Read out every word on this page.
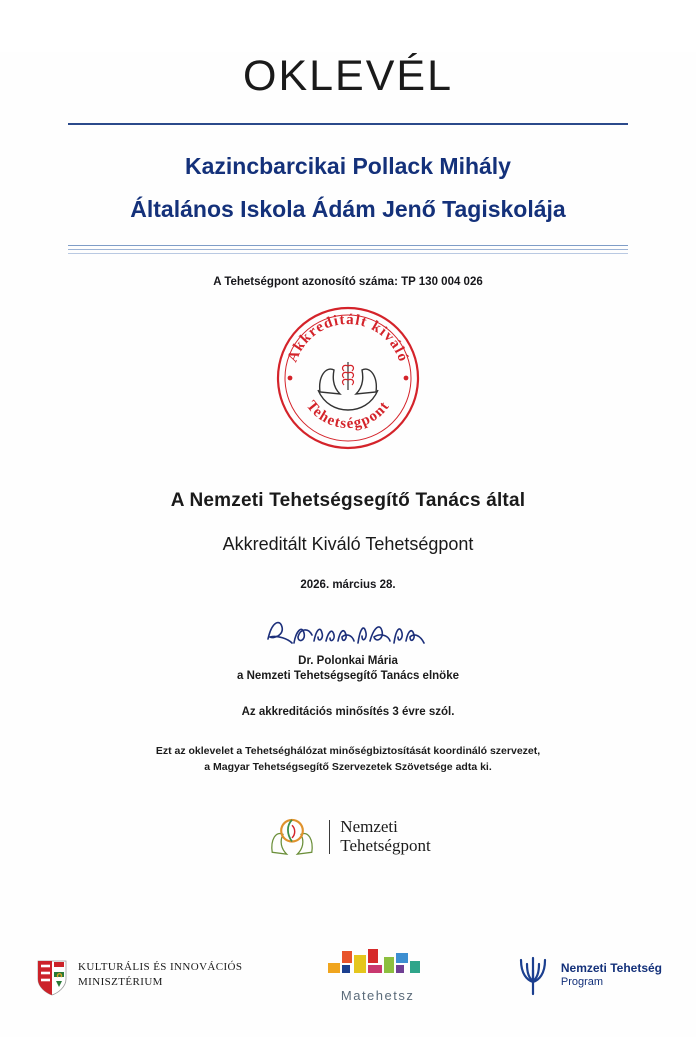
OKLEVÉL
Kazincbarcikai Pollack Mihály
Általános Iskola Ádám Jenő Tagiskolája
A Tehetségpont azonosító száma: TP 130 004 026
Akkreditált kiváló
Tehetségpont
A Nemzeti Tehetségsegítő Tanács által
Akkreditált Kiváló Tehetségpont
2026. március 28.
Dr. Polonkai Mária
a Nemzeti Tehetségsegítő Tanács elnöke
Az akkreditációs minősítés 3 évre szól.
Ezt az oklevelet a Tehetséghálózat minőségbiztosítását koordináló szervezet,
a Magyar Tehetségsegítő Szervezetek Szövetsége adta ki.
Nemzeti
Tehetségpont
KULTURÁLIS ÉS INNOVÁCIÓS
MINISZTÉRIUM
Matehetsz
Nemzeti Tehetség
Program
